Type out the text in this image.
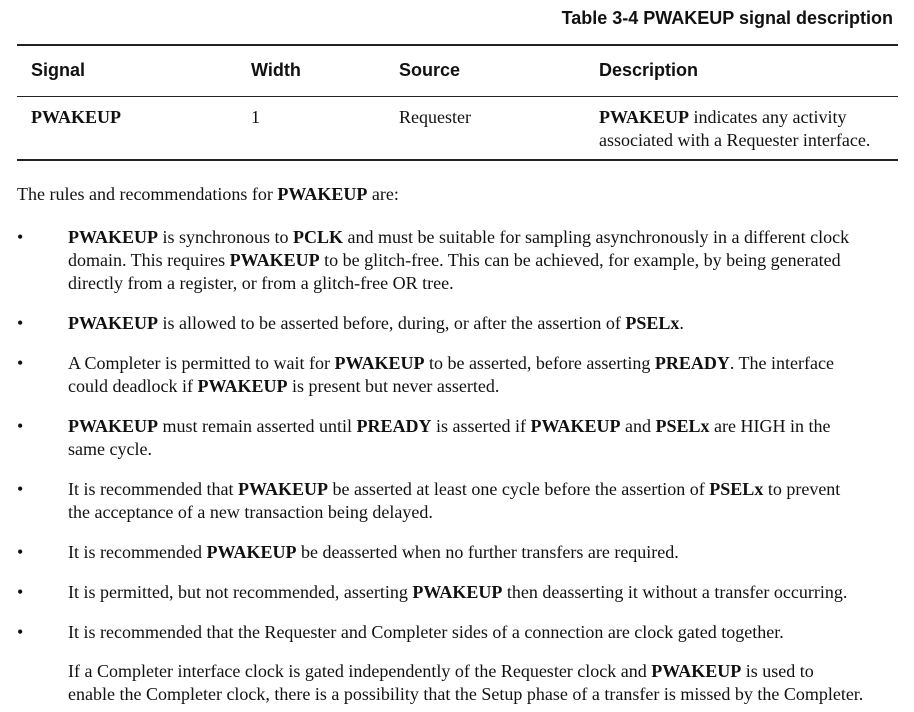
Table 3-4 PWAKEUP signal description
Signal	Width	Source	Description
PWAKEUP	1	Requester	PWAKEUP indicates any activity
associated with a Requester interface.
The rules and recommendations for PWAKEUP are:
• PWAKEUP is synchronous to PCLK and must be suitable for sampling asynchronously in a different clock
domain. This requires PWAKEUP to be glitch-free. This can be achieved, for example, by being generated
directly from a register, or from a glitch-free OR tree.
• PWAKEUP is allowed to be asserted before, during, or after the assertion of PSELx.
• A Completer is permitted to wait for PWAKEUP to be asserted, before asserting PREADY. The interface
could deadlock if PWAKEUP is present but never asserted.
• PWAKEUP must remain asserted until PREADY is asserted if PWAKEUP and PSELx are HIGH in the
same cycle.
• It is recommended that PWAKEUP be asserted at least one cycle before the assertion of PSELx to prevent
the acceptance of a new transaction being delayed.
• It is recommended PWAKEUP be deasserted when no further transfers are required.
• It is permitted, but not recommended, asserting PWAKEUP then deasserting it without a transfer occurring.
• It is recommended that the Requester and Completer sides of a connection are clock gated together.
If a Completer interface clock is gated independently of the Requester clock and PWAKEUP is used to
enable the Completer clock, there is a possibility that the Setup phase of a transfer is missed by the Completer.
